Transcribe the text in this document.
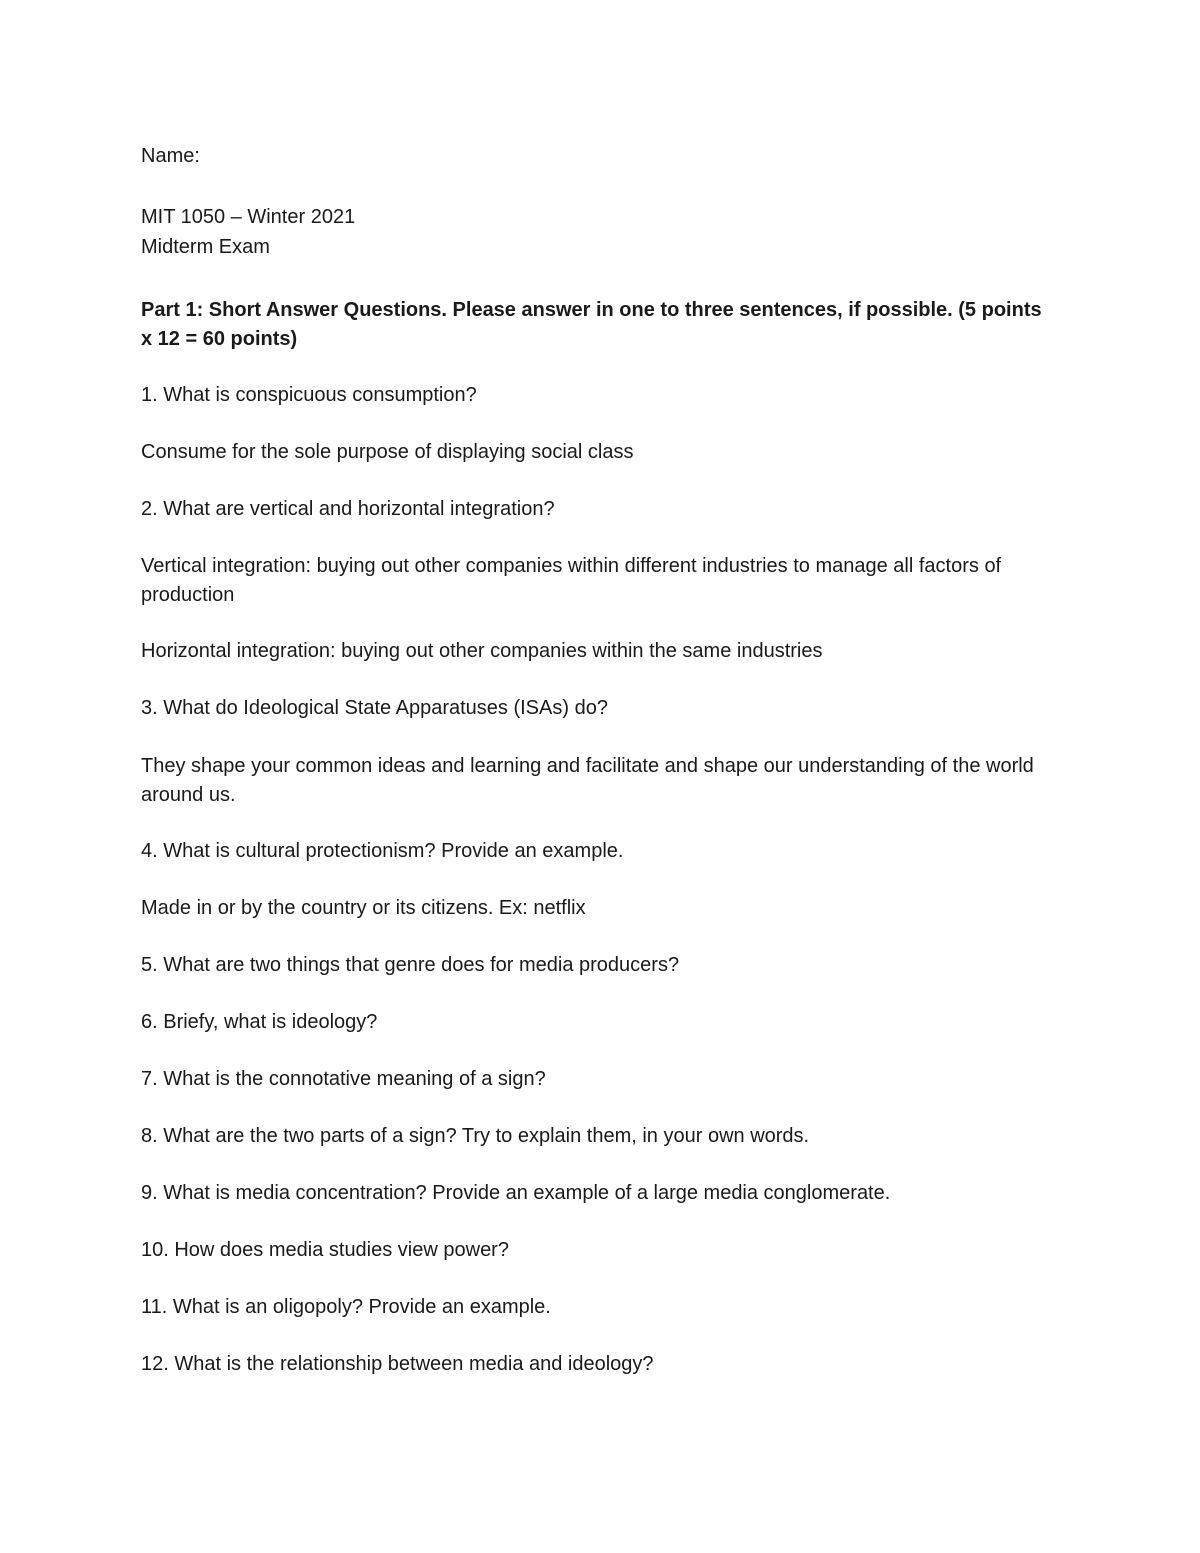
Name:

MIT 1050 – Winter 2021

Midterm Exam

Part 1: Short Answer Questions. Please answer in one to three sentences, if possible. (5 points x 12 = 60 points)

1. What is conspicuous consumption?

Consume for the sole purpose of displaying social class

2. What are vertical and horizontal integration?

Vertical integration: buying out other companies within different industries to manage all factors of production

Horizontal integration: buying out other companies within the same industries

3. What do Ideological State Apparatuses (ISAs) do?

They shape your common ideas and learning and facilitate and shape our understanding of the world around us.

4. What is cultural protectionism? Provide an example.

Made in or by the country or its citizens. Ex: netflix

5. What are two things that genre does for media producers?

6. Briefy, what is ideology?

7. What is the connotative meaning of a sign?

8. What are the two parts of a sign? Try to explain them, in your own words.

9. What is media concentration? Provide an example of a large media conglomerate.

10. How does media studies view power?

11. What is an oligopoly? Provide an example.

12. What is the relationship between media and ideology?
